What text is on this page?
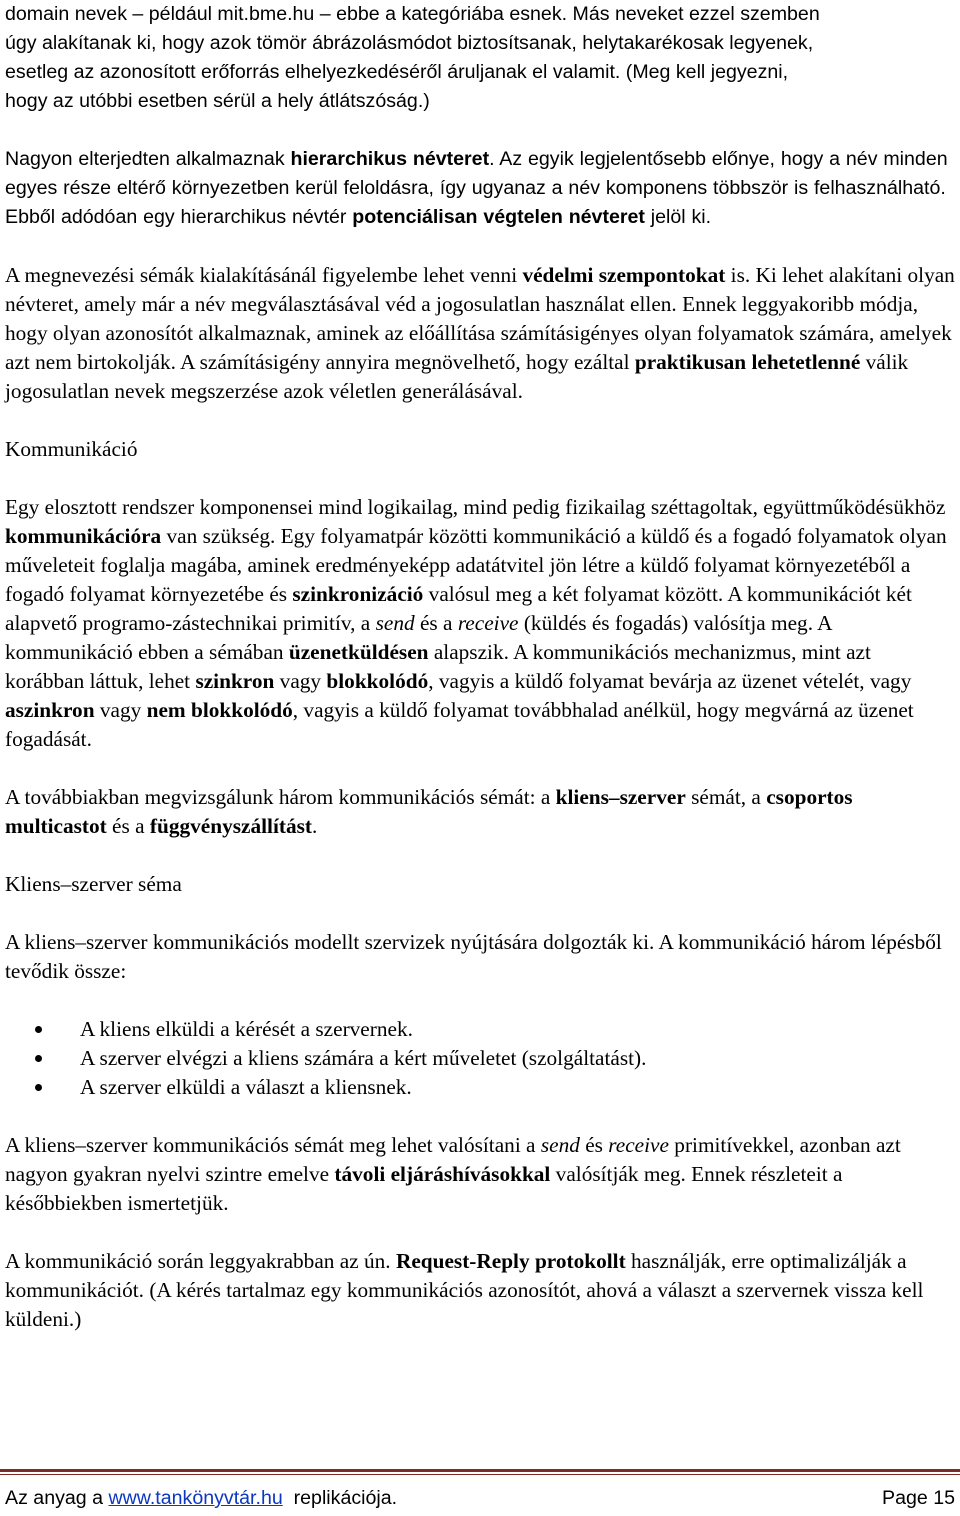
domain nevek – például mit.bme.hu – ebbe a kategóriába esnek. Más neveket ezzel szemben
úgy alakítanak ki, hogy azok tömör ábrázolásmódot biztosítsanak, helytakarékosak legyenek,
esetleg az azonosított erőforrás elhelyezkedéséről áruljanak el valamit. (Meg kell jegyezni,
hogy az utóbbi esetben sérül a hely átlátszóság.)

Nagyon elterjedten alkalmaznak hierarchikus névteret. Az egyik legjelentősebb előnye, hogy a név minden egyes része eltérő környezetben kerül feloldásra, így ugyanaz a név komponens többször is felhasználható. Ebből adódóan egy hierarchikus névtér potenciálisan végtelen névteret jelöl ki.

A megnevezési sémák kialakításánál figyelembe lehet venni védelmi szempontokat is. Ki lehet alakítani olyan névteret, amely már a név megválasztásával véd a jogosulatlan használat ellen. Ennek leggyakoribb módja, hogy olyan azonosítót alkalmaznak, aminek az előállítása számításigényes olyan folyamatok számára, amelyek azt nem birtokolják. A számításigény annyira megnövelhető, hogy ezáltal praktikusan lehetetlenné válik jogosulatlan nevek megszerzése azok véletlen generálásával.

Kommunikáció

Egy elosztott rendszer komponensei mind logikailag, mind pedig fizikailag széttagoltak, együttműködésükhöz kommunikációra van szükség. Egy folyamatpár közötti kommunikáció a küldő és a fogadó folyamatok olyan műveleteit foglalja magába, aminek eredményeképp adatátvitel jön létre a küldő folyamat környezetéből a fogadó folyamat környezetébe és szinkronizáció valósul meg a két folyamat között. A kommunikációt két alapvető programo-zástechnikai primitív, a send és a receive (küldés és fogadás) valósítja meg. A kommunikáció ebben a sémában üzenetküldésen alapszik. A kommunikációs mechanizmus, mint azt korábban láttuk, lehet szinkron vagy blokkolódó, vagyis a küldő folyamat bevárja az üzenet vételét, vagy aszinkron vagy nem blokkolódó, vagyis a küldő folyamat továbbhalad anélkül, hogy megvárná az üzenet fogadását.

A továbbiakban megvizsgálunk három kommunikációs sémát: a kliens–szerver sémát, a csoportos multicastot és a függvényszállítást.

Kliens–szerver séma

A kliens–szerver kommunikációs modellt szervizek nyújtására dolgozták ki. A kommunikáció három lépésből tevődik össze:

A kliens elküldi a kérését a szervernek.
A szerver elvégzi a kliens számára a kért műveletet (szolgáltatást).
A szerver elküldi a választ a kliensnek.

A kliens–szerver kommunikációs sémát meg lehet valósítani a send és receive primitívekkel, azonban azt nagyon gyakran nyelvi szintre emelve távoli eljáráshívásokkal valósítják meg. Ennek részleteit a későbbiekben ismertetjük.

A kommunikáció során leggyakrabban az ún. Request-Reply protokollt használják, erre optimalizálják a kommunikációt. (A kérés tartalmaz egy kommunikációs azonosítót, ahová a választ a szervernek vissza kell küldeni.)

Az anyag a www.tankönyvtár.hu  replikációja.	Page 15
